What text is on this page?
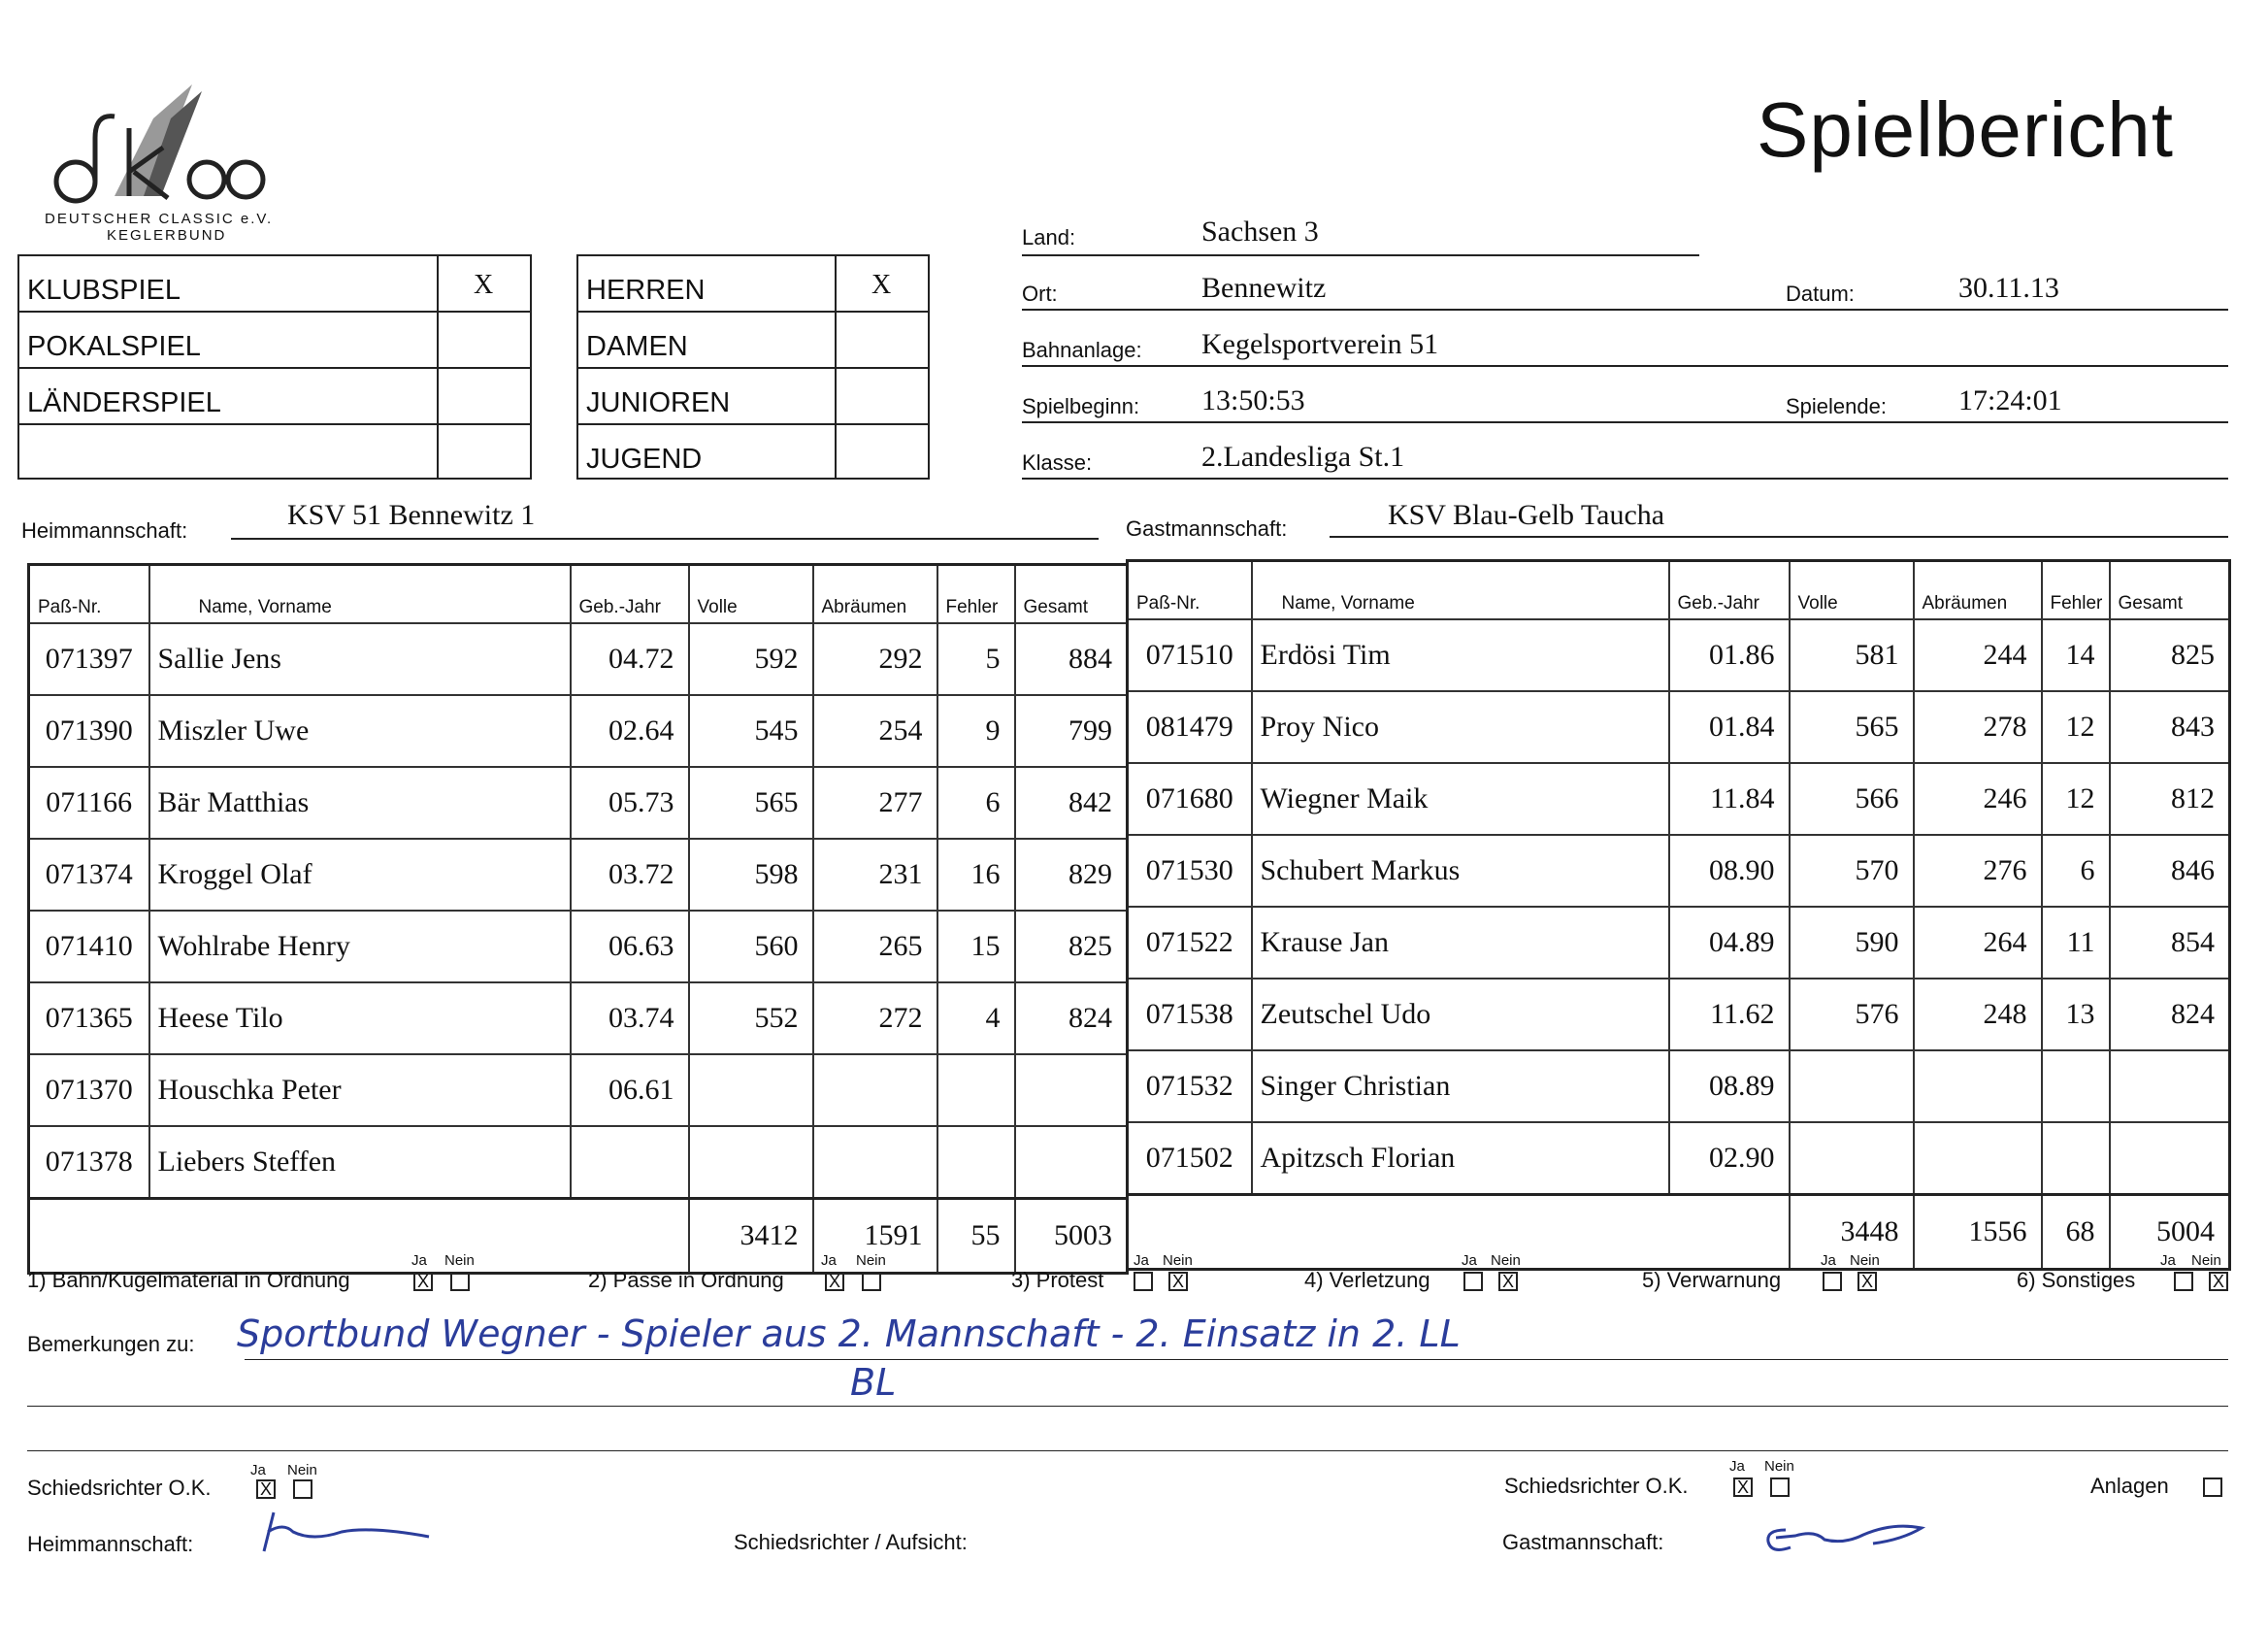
DEUTSCHER CLASSIC e.V.
KEGLERBUND
Spielbericht
KLUBSPIEL	X
POKALSPIEL
LÄNDERSPIEL
HERREN	X
DAMEN
JUNIOREN
JUGEND
Land:	Sachsen 3
Ort:	Bennewitz	Datum:	30.11.13
Bahnanlage: Kegelsportverein 51
Spielbeginn: 13:50:53	Spielende: 17:24:01
Klasse:	2.Landesliga St.1
Heimmannschaft:	KSV 51 Bennewitz 1	Gastmannschaft:	KSV Blau-Gelb Taucha
Paß-Nr.	Name, Vorname	Geb.-Jahr	Volle	Abräumen	Fehler	Gesamt
071397	Sallie Jens	04.72	592	292	5	884
071390	Miszler Uwe	02.64	545	254	9	799
071166	Bär Matthias	05.73	565	277	6	842
071374	Kroggel Olaf	03.72	598	231	16	829
071410	Wohlrabe Henry	06.63	560	265	15	825
071365	Heese Tilo	03.74	552	272	4	824
071370	Houschka Peter	06.61				
071378	Liebers Steffen					
			3412	1591	55	5003
Paß-Nr.	Name, Vorname	Geb.-Jahr	Volle	Abräumen	Fehler	Gesamt
071510	Erdösi Tim	01.86	581	244	14	825
081479	Proy Nico	01.84	565	278	12	843
071680	Wiegner Maik	11.84	566	246	12	812
071530	Schubert Markus	08.90	570	276	6	846
071522	Krause Jan	04.89	590	264	11	854
071538	Zeutschel Udo	11.62	576	248	13	824
071532	Singer Christian	08.89				
071502	Apitzsch Florian	02.90				
			3448	1556	68	5004
1) Bahn/Kugelmaterial in Ordnung
Ja Nein
X	2) Pässe in Ordnung
Ja Nein
X	3) Protest
Ja Nein
X	4) Verletzung
Ja Nein
X	5) Verwarnung
Ja Nein
X	6) Sonstiges
Ja Nein
X
Bemerkungen zu: Sportbund Wegner - Spieler aus 2. Mannschaft - 2. Einsatz in 2. LL
BL
Schiedsrichter O.K.
Ja Nein
X	Schiedsrichter O.K.
Ja Nein
X	Anlagen
Heimmannschaft:	Schiedsrichter / Aufsicht:	Gastmannschaft:
